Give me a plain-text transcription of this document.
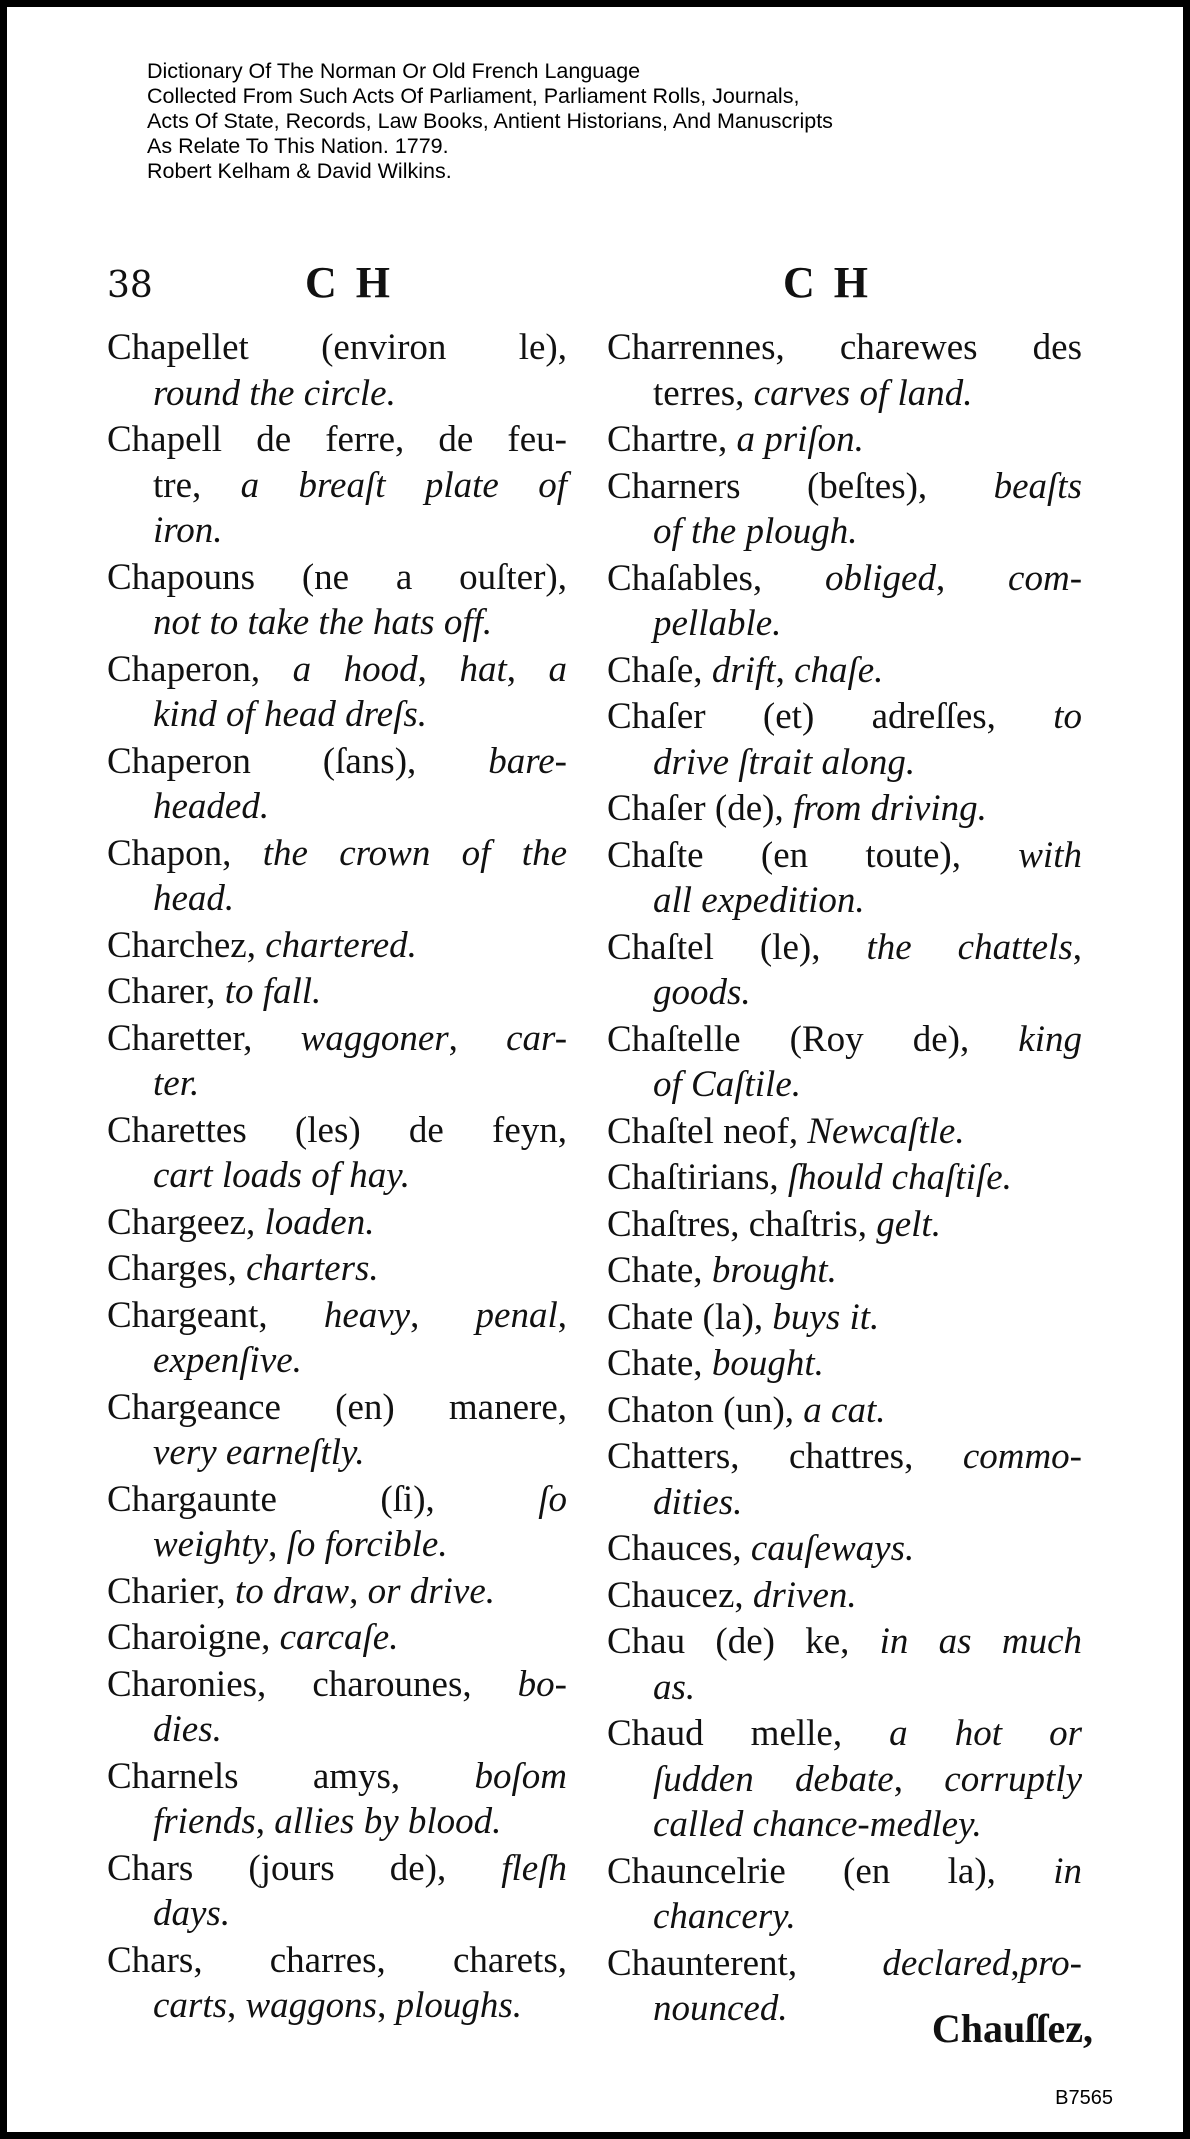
Dictionary Of The Norman Or Old French Language
Collected From Such Acts Of Parliament, Parliament Rolls, Journals,
Acts Of State, Records, Law Books, Antient Historians, And Manuscripts
As Relate To This Nation. 1779.
Robert Kelham & David Wilkins.
38	C H	C H
Chapellet (environ le),
round the circle.
Chapell de ferre, de feu-
tre, a breaſt plate of
iron.
Chapouns (ne a ouſter),
not to take the hats off.
Chaperon, a hood, hat, a
kind of head dreſs.
Chaperon (ſans), bare-
headed.
Chapon, the crown of the
head.
Charchez, chartered.
Charer, to fall.
Charetter, waggoner, car-
ter.
Charettes (les) de feyn,
cart loads of hay.
Chargeez, loaden.
Charges, charters.
Chargeant, heavy, penal,
expenſive.
Chargeance (en) manere,
very earneſtly.
Chargaunte (ſi), ſo
weighty, ſo forcible.
Charier, to draw, or drive.
Charoigne, carcaſe.
Charonies, charounes, bo-
dies.
Charnels amys, boſom
friends, allies by blood.
Chars (jours de), fleſh
days.
Chars, charres, charets,
carts, waggons, ploughs.
Charrennes, charewes des
terres, carves of land.
Chartre, a priſon.
Charners (beſtes), beaſts
of the plough.
Chaſables, obliged, com-
pellable.
Chaſe, drift, chaſe.
Chaſer (et) adreſſes, to
drive ſtrait along.
Chaſer (de), from driving.
Chaſte (en toute), with
all expedition.
Chaſtel (le), the chattels,
goods.
Chaſtelle (Roy de), king
of Caſtile.
Chaſtel neof, Newcaſtle.
Chaſtirians, ſhould chaſtiſe.
Chaſtres, chaſtris, gelt.
Chate, brought.
Chate (la), buys it.
Chate, bought.
Chaton (un), a cat.
Chatters, chattres, commo-
dities.
Chauces, cauſeways.
Chaucez, driven.
Chau (de) ke, in as much
as.
Chaud melle, a hot or
ſudden debate, corruptly
called chance-medley.
Chauncelrie (en la), in
chancery.
Chaunterent, declared,pro-
nounced.	Chauſſez,
B7565
